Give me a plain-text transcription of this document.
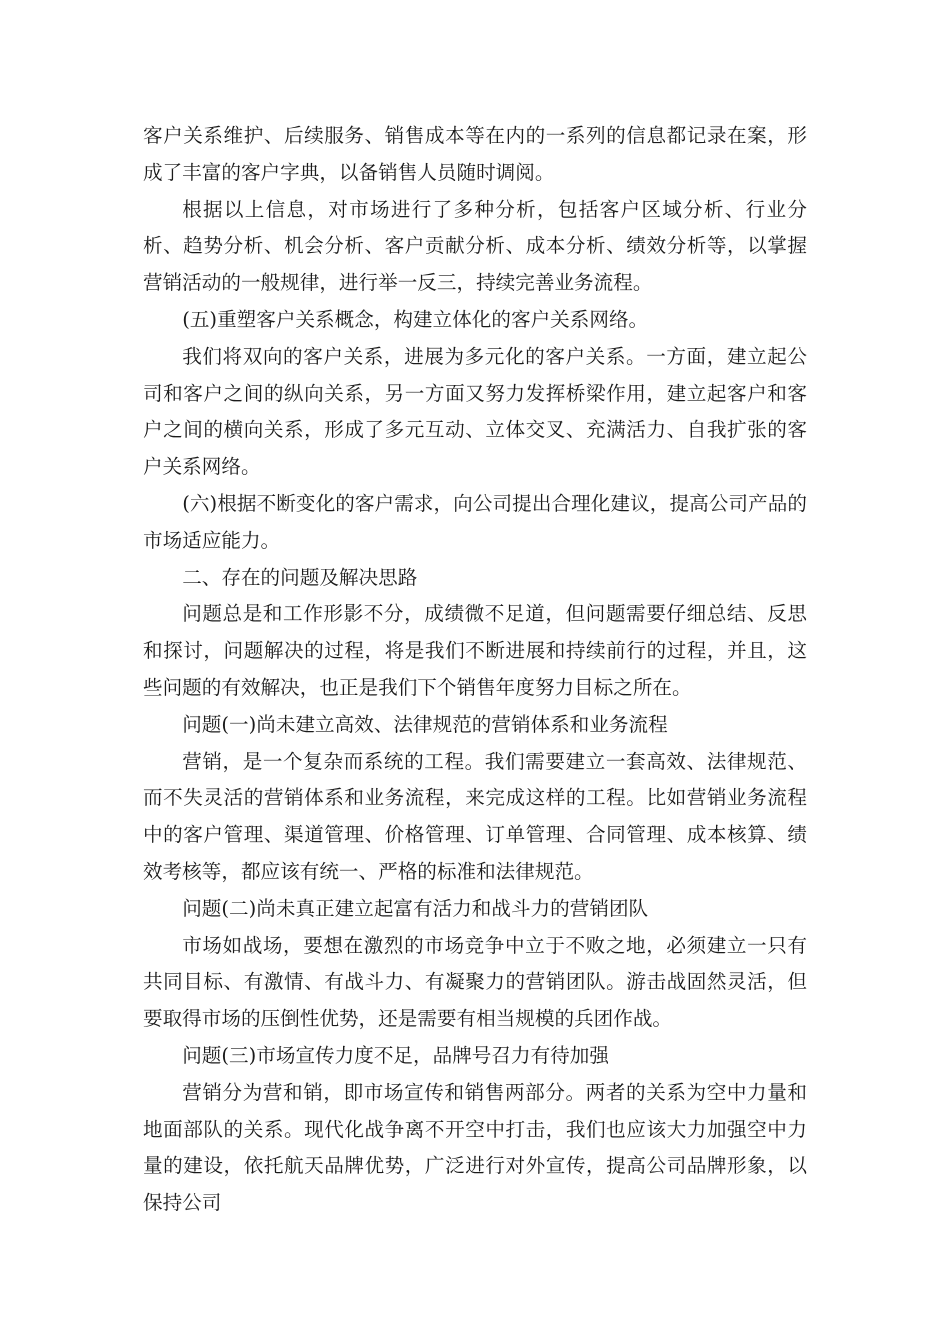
客户关系维护、后续服务、销售成本等在内的一系列的信息都记录在案，形成了丰富的客户字典，以备销售人员随时调阅。

根据以上信息，对市场进行了多种分析，包括客户区域分析、行业分析、趋势分析、机会分析、客户贡献分析、成本分析、绩效分析等，以掌握营销活动的一般规律，进行举一反三，持续完善业务流程。

(五)重塑客户关系概念，构建立体化的客户关系网络。

我们将双向的客户关系，进展为多元化的客户关系。一方面，建立起公司和客户之间的纵向关系，另一方面又努力发挥桥梁作用，建立起客户和客户之间的横向关系，形成了多元互动、立体交叉、充满活力、自我扩张的客户关系网络。

(六)根据不断变化的客户需求，向公司提出合理化建议，提高公司产品的市场适应能力。

二、存在的问题及解决思路

问题总是和工作形影不分，成绩微不足道，但问题需要仔细总结、反思和探讨，问题解决的过程，将是我们不断进展和持续前行的过程，并且，这些问题的有效解决，也正是我们下个销售年度努力目标之所在。

问题(一)尚未建立高效、法律规范的营销体系和业务流程

营销，是一个复杂而系统的工程。我们需要建立一套高效、法律规范、而不失灵活的营销体系和业务流程，来完成这样的工程。比如营销业务流程中的客户管理、渠道管理、价格管理、订单管理、合同管理、成本核算、绩效考核等，都应该有统一、严格的标准和法律规范。

问题(二)尚未真正建立起富有活力和战斗力的营销团队

市场如战场，要想在激烈的市场竞争中立于不败之地，必须建立一只有共同目标、有激情、有战斗力、有凝聚力的营销团队。游击战固然灵活，但要取得市场的压倒性优势，还是需要有相当规模的兵团作战。

问题(三)市场宣传力度不足，品牌号召力有待加强

营销分为营和销，即市场宣传和销售两部分。两者的关系为空中力量和地面部队的关系。现代化战争离不开空中打击，我们也应该大力加强空中力量的建设，依托航天品牌优势，广泛进行对外宣传，提高公司品牌形象，以保持公司
